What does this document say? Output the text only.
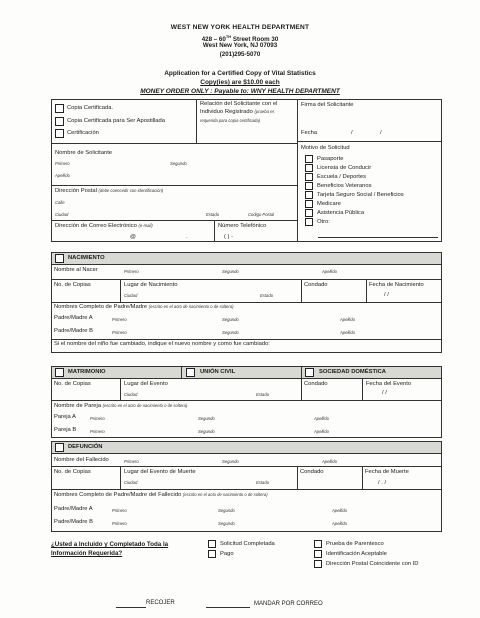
WEST NEW YORK HEALTH DEPARTMENT
428 – 60TH Street Room 30
West New York, NJ 07093
(201)295-5070
Application for a Certified Copy of Vital Statistics
Copy(ies) are $10.00 each
MONEY ORDER ONLY : Payable to: WNY HEALTH DEPARTMENT
Copia Certificada.
Copia Certificada para Ser Apostillada
Certificación
Relación del Solicitante con el
Individuo Registrado (prueba es
requerida para copia certificada)
Firma del Solicitante
Fecha	/	/
Nombre de Solicitante
Primero	Segundo
Apellido
Dirección Postal (debe coencedir con identificación)
Calle
Ciudad	Estado	Codigo Postal
Dirección de Correo Electrónico (e-mail)
@	.
Número Telefónico
( ) -
Motivo de Solicitud
Pasaporte
Licensia de Conducir
Escuela / Deportes
Beneficios Veteranos
Tarjeta Seguro Social / Beneficios
Medicare
Asistencia Pública
Otro:
NACIMIENTO
Nombre al Nacer	Primero	Segundo	Apellido
No. de Copias	Lugar de Nacimiento
Ciudad	Estado
Condado	Fecha de Nacimiento
/ /
Nombres Completo de Padre/Madre (escrito en el acto de nacimiento o de soltera)
Padre/Madre A	Primero	Segundo	Apellido
Padre/Madre B	Primero	Segundo	Apellido
Si el nombre del niño fue cambiado, indique el nuevo nombre y como fue cambiado:
MATRIMONIO	UNIÓN CIVIL	SOCIEDAD DOMÉSTICA
No. de Copias	Lugar del Evento
Ciudad	Estado
Condado	Fecha del Evento
/ /
Nombre de Pareja (escrito en el acto de nacimiento o de soltera)
Pareja A	Primero	Segundo	Apellido
Pareja B	Primero	Segundo	Apellido
DEFUNCIÓN
Nombre del Fallecido	Primero	Segundo	Apellido
No. de Copias	Lugar del Evento de Muerte
Ciudad	Estado
Condado	Fecha de Muerte
/ . /
Nombres Completo de Padre/Madre del Fallecido (escrito en el acto de nacimiento o de soltera)
Padre/Madre A	Primero	Segundo	Apellido
Padre/Madre B	Primero	Segundo	Apellido
¿Usted a Incluido y Completado Toda la
Información Requerida?
Solicitud Completada
Pago
Prueba de Parentesco
Identificación Aceptable
Dirección Postal Coincidente con ID
RECOJER	MANDAR POR CORREO
